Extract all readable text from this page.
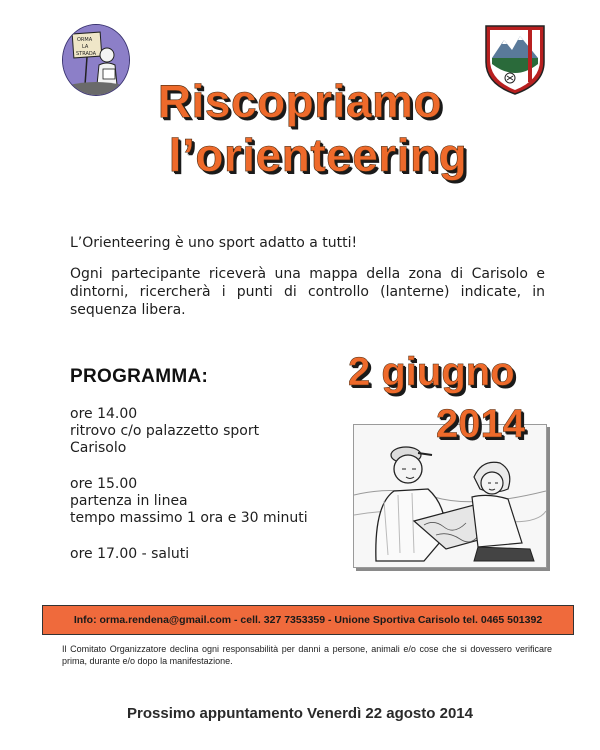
ORMA
LA
STRADA
Riscopriamo
l’orienteering
L’Orienteering è uno sport adatto a tutti!
Ogni partecipante riceverà una mappa della zona di Carisolo e dintorni, ricercherà i punti di controllo (lanterne) indicate, in sequenza libera.
PROGRAMMA:
ore 14.00
ritrovo c/o palazzetto sport
Carisolo
ore 15.00
partenza in linea
tempo massimo 1 ora e 30 minuti
ore 17.00 - saluti
2 giugno
2014
Info: orma.rendena@gmail.com - cell. 327 7353359 - Unione Sportiva Carisolo tel. 0465 501392
Il Comitato Organizzatore declina ogni responsabilità per danni a persone, animali e/o cose che si dovessero verificare prima, durante e/o dopo la manifestazione.
Prossimo appuntamento Venerdì 22 agosto 2014
